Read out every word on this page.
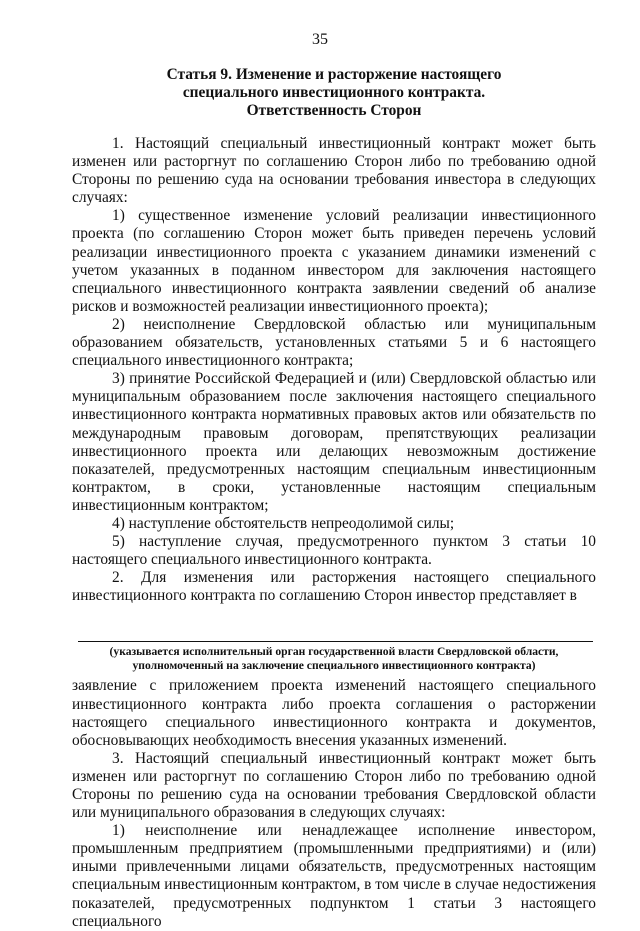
35
Статья 9. Изменение и расторжение настоящего
специального инвестиционного контракта.
Ответственность Сторон

1. Настоящий специальный инвестиционный контракт может быть изменен или расторгнут по соглашению Сторон либо по требованию одной Стороны по решению суда на основании требования инвестора в следующих случаях:

1) существенное изменение условий реализации инвестиционного проекта (по соглашению Сторон может быть приведен перечень условий реализации инвестиционного проекта с указанием динамики изменений с учетом указанных в поданном инвестором для заключения настоящего специального инвестиционного контракта заявлении сведений об анализе рисков и возможностей реализации инвестиционного проекта);

2) неисполнение Свердловской областью или муниципальным образованием обязательств, установленных статьями 5 и 6 настоящего специального инвестиционного контракта;

3) принятие Российской Федерацией и (или) Свердловской областью или муниципальным образованием после заключения настоящего специального инвестиционного контракта нормативных правовых актов или обязательств по международным правовым договорам, препятствующих реализации инвестиционного проекта или делающих невозможным достижение показателей, предусмотренных настоящим специальным инвестиционным контрактом, в сроки, установленные настоящим специальным инвестиционным контрактом;

4) наступление обстоятельств непреодолимой силы;

5) наступление случая, предусмотренного пунктом 3 статьи 10 настоящего специального инвестиционного контракта.

2. Для изменения или расторжения настоящего специального инвестиционного контракта по соглашению Сторон инвестор представляет в

(указывается исполнительный орган государственной власти Свердловской области,
уполномоченный на заключение специального инвестиционного контракта)

заявление с приложением проекта изменений настоящего специального инвестиционного контракта либо проекта соглашения о расторжении настоящего специального инвестиционного контракта и документов, обосновывающих необходимость внесения указанных изменений.

3. Настоящий специальный инвестиционный контракт может быть изменен или расторгнут по соглашению Сторон либо по требованию одной Стороны по решению суда на основании требования Свердловской области или муниципального образования в следующих случаях:

1) неисполнение или ненадлежащее исполнение инвестором, промышленным предприятием (промышленными предприятиями) и (или) иными привлеченными лицами обязательств, предусмотренных настоящим специальным инвестиционным контрактом, в том числе в случае недостижения показателей, предусмотренных подпунктом 1 статьи 3 настоящего специального
